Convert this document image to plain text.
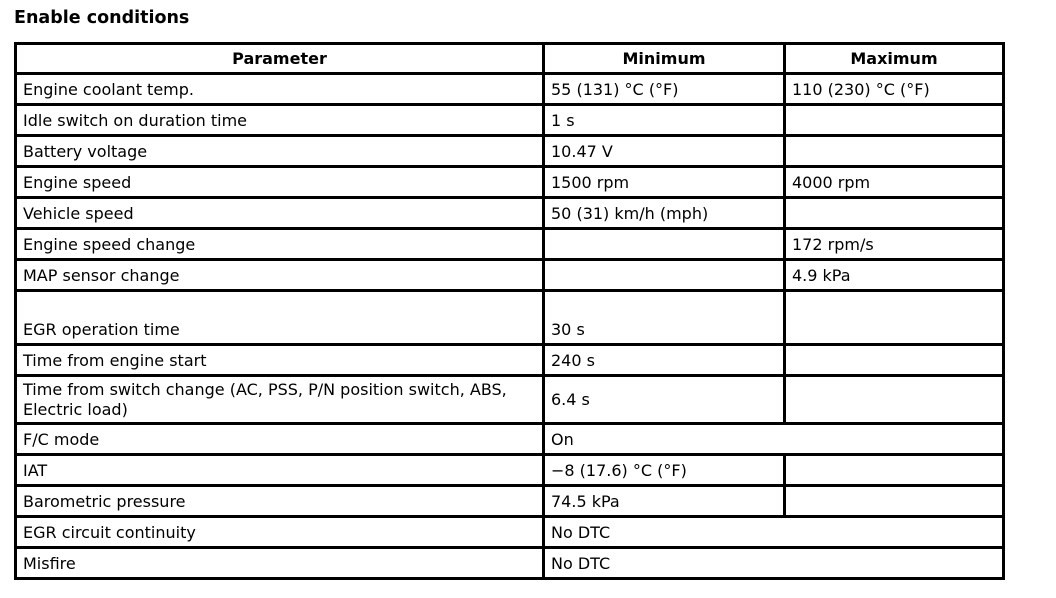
Enable conditions
Parameter	Minimum	Maximum
Engine coolant temp.	55 (131) °C (°F)	110 (230) °C (°F)
Idle switch on duration time	1 s	
Battery voltage	10.47 V	
Engine speed	1500 rpm	4000 rpm
Vehicle speed	50 (31) km/h (mph)	
Engine speed change		172 rpm/s
MAP sensor change		4.9 kPa
EGR operation time	30 s	
Time from engine start	240 s	
Time from switch change (AC, PSS, P/N position switch, ABS, Electric load)	6.4 s	
F/C mode	On	
IAT	−8 (17.6) °C (°F)	
Barometric pressure	74.5 kPa	
EGR circuit continuity	No DTC	
Misfire	No DTC	
